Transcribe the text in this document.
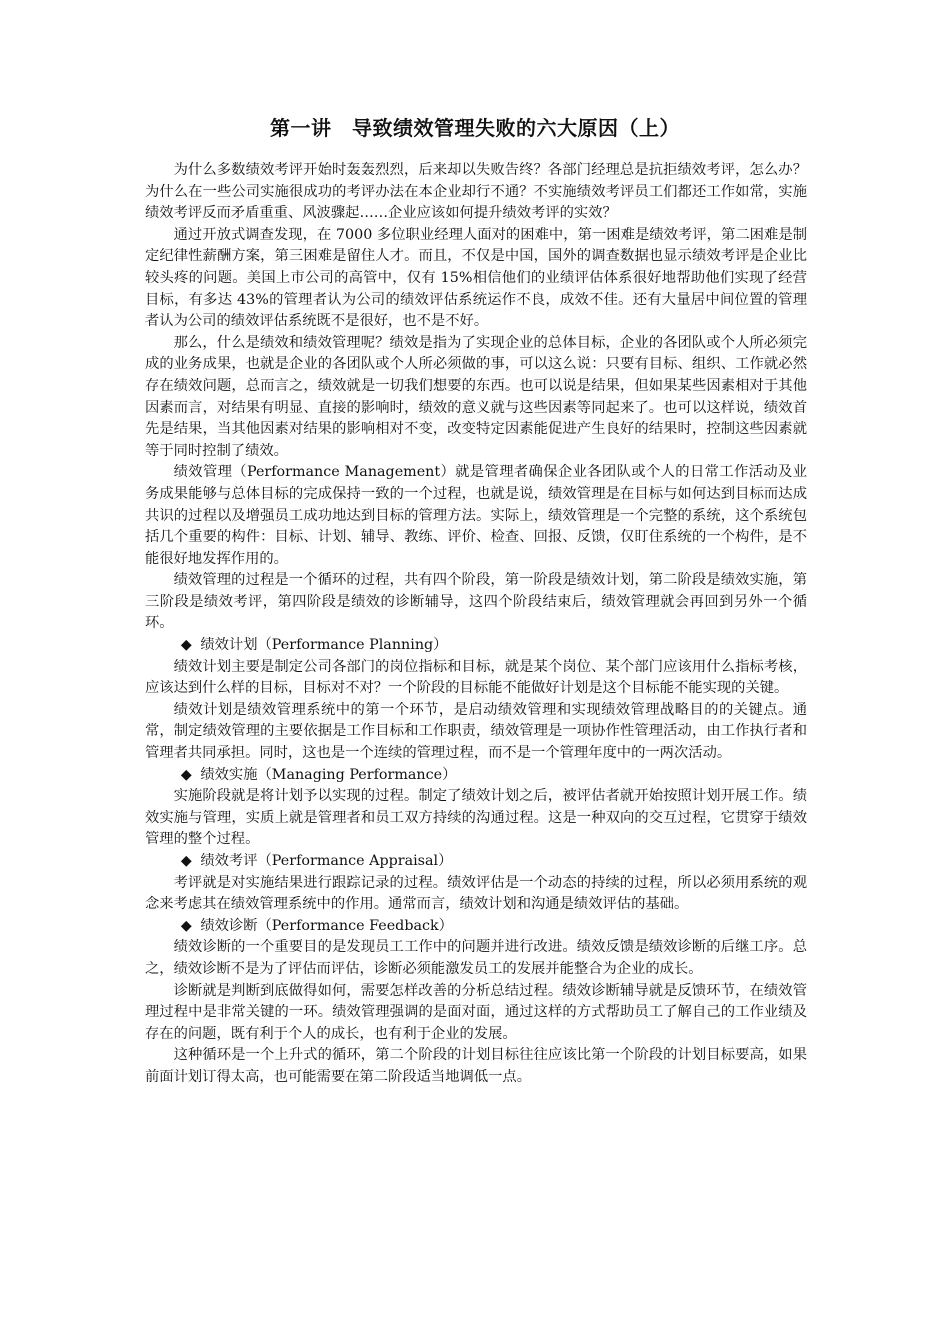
第一讲　导致绩效管理失败的六大原因（上）

为什么多数绩效考评开始时轰轰烈烈，后来却以失败告终？各部门经理总是抗拒绩效考评，怎么办？为什么在一些公司实施很成功的考评办法在本企业却行不通？不实施绩效考评员工们都还工作如常，实施绩效考评反而矛盾重重、风波骤起……企业应该如何提升绩效考评的实效？

通过开放式调查发现，在 7000 多位职业经理人面对的困难中，第一困难是绩效考评，第二困难是制定纪律性薪酬方案，第三困难是留住人才。而且，不仅是中国，国外的调查数据也显示绩效考评是企业比较头疼的问题。美国上市公司的高管中，仅有 15%相信他们的业绩评估体系很好地帮助他们实现了经营目标，有多达 43%的管理者认为公司的绩效评估系统运作不良，成效不佳。还有大量居中间位置的管理者认为公司的绩效评估系统既不是很好，也不是不好。

那么，什么是绩效和绩效管理呢？绩效是指为了实现企业的总体目标，企业的各团队或个人所必须完成的业务成果，也就是企业的各团队或个人所必须做的事，可以这么说：只要有目标、组织、工作就必然存在绩效问题，总而言之，绩效就是一切我们想要的东西。也可以说是结果，但如果某些因素相对于其他因素而言，对结果有明显、直接的影响时，绩效的意义就与这些因素等同起来了。也可以这样说，绩效首先是结果，当其他因素对结果的影响相对不变，改变特定因素能促进产生良好的结果时，控制这些因素就等于同时控制了绩效。

绩效管理（Performance Management）就是管理者确保企业各团队或个人的日常工作活动及业务成果能够与总体目标的完成保持一致的一个过程，也就是说，绩效管理是在目标与如何达到目标而达成共识的过程以及增强员工成功地达到目标的管理方法。实际上，绩效管理是一个完整的系统，这个系统包括几个重要的构件：目标、计划、辅导、教练、评价、检查、回报、反馈，仅盯住系统的一个构件，是不能很好地发挥作用的。

绩效管理的过程是一个循环的过程，共有四个阶段，第一阶段是绩效计划，第二阶段是绩效实施，第三阶段是绩效考评，第四阶段是绩效的诊断辅导，这四个阶段结束后，绩效管理就会再回到另外一个循环。

◆ 绩效计划（Performance Planning）

绩效计划主要是制定公司各部门的岗位指标和目标，就是某个岗位、某个部门应该用什么指标考核，应该达到什么样的目标，目标对不对？一个阶段的目标能不能做好计划是这个目标能不能实现的关键。

绩效计划是绩效管理系统中的第一个环节，是启动绩效管理和实现绩效管理战略目的的关键点。通常，制定绩效管理的主要依据是工作目标和工作职责，绩效管理是一项协作性管理活动，由工作执行者和管理者共同承担。同时，这也是一个连续的管理过程，而不是一个管理年度中的一两次活动。

◆ 绩效实施（Managing Performance）

实施阶段就是将计划予以实现的过程。制定了绩效计划之后，被评估者就开始按照计划开展工作。绩效实施与管理，实质上就是管理者和员工双方持续的沟通过程。这是一种双向的交互过程，它贯穿于绩效管理的整个过程。

◆ 绩效考评（Performance Appraisal）

考评就是对实施结果进行跟踪记录的过程。绩效评估是一个动态的持续的过程，所以必须用系统的观念来考虑其在绩效管理系统中的作用。通常而言，绩效计划和沟通是绩效评估的基础。

◆ 绩效诊断（Performance Feedback）

绩效诊断的一个重要目的是发现员工工作中的问题并进行改进。绩效反馈是绩效诊断的后继工序。总之，绩效诊断不是为了评估而评估，诊断必须能激发员工的发展并能整合为企业的成长。

诊断就是判断到底做得如何，需要怎样改善的分析总结过程。绩效诊断辅导就是反馈环节，在绩效管理过程中是非常关键的一环。绩效管理强调的是面对面，通过这样的方式帮助员工了解自己的工作业绩及存在的问题，既有利于个人的成长，也有利于企业的发展。

这种循环是一个上升式的循环，第二个阶段的计划目标往往应该比第一个阶段的计划目标要高，如果前面计划订得太高，也可能需要在第二阶段适当地调低一点。
